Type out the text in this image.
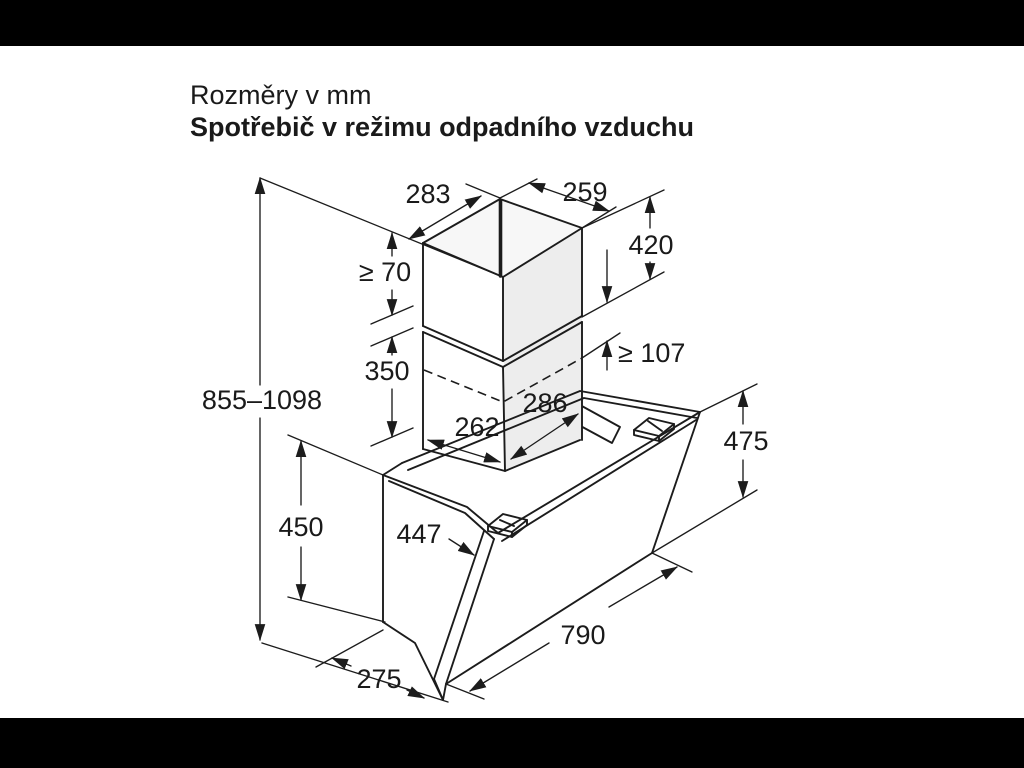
Rozměry v mm
Spotřebič v režimu odpadního vzduchu
283	259
420
≥ 70
350
≥ 107
286
262
855–1098
475
450	447
790
275
